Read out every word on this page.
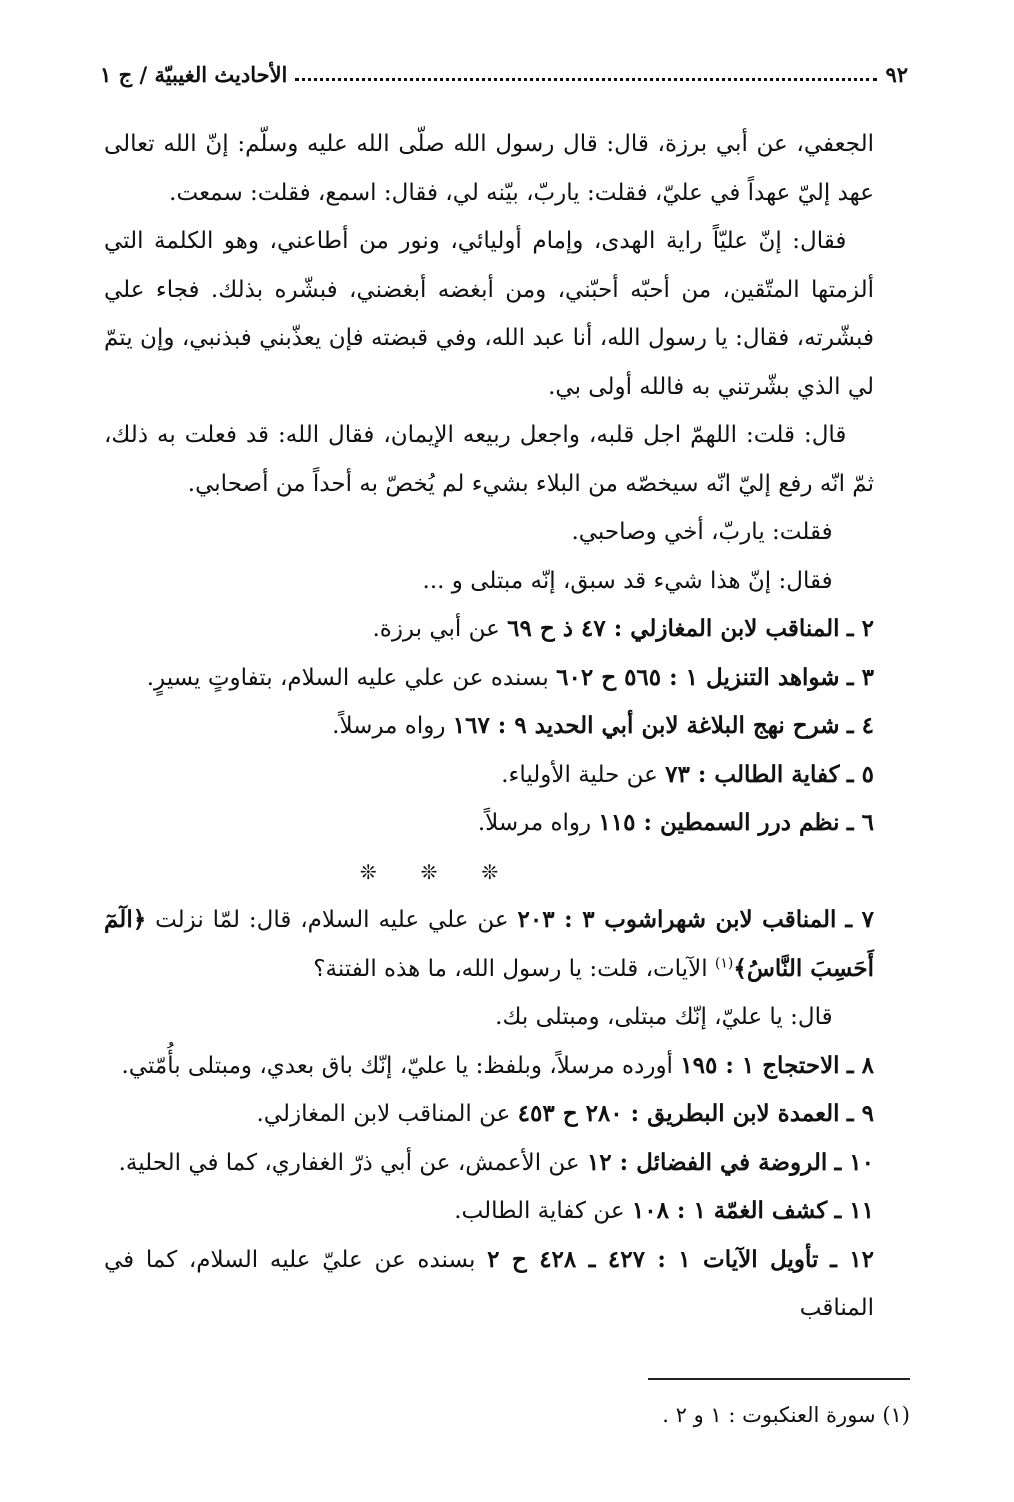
٩٢
الأحاديث الغيبيّة / ج ١

الجعفي، عن أبي برزة، قال: قال رسول الله صلّى الله عليه وسلّم: إنّ الله تعالى عهد إليّ عهداً في عليّ، فقلت: ياربّ، بيّنه لي، فقال: اسمع، فقلت: سمعت.

فقال: إنّ عليّاً راية الهدى، وإمام أوليائي، ونور من أطاعني، وهو الكلمة التي ألزمتها المتّقين، من أحبّه أحبّني، ومن أبغضه أبغضني، فبشّره بذلك. فجاء علي فبشّرته، فقال: يا رسول الله، أنا عبد الله، وفي قبضته فإن يعذّبني فبذنبي، وإن يتمّ لي الذي بشّرتني به فالله أولى بي.

قال: قلت: اللهمّ اجل قلبه، واجعل ربيعه الإيمان، فقال الله: قد فعلت به ذلك، ثمّ انّه رفع إليّ انّه سيخصّه من البلاء بشيء لم يُخصّ به أحداً من أصحابي.

فقلت: ياربّ، أخي وصاحبي.

فقال: إنّ هذا شيء قد سبق، إنّه مبتلى و ...

٢ ـ المناقب لابن المغازلي : ٤٧ ذ ح ٦٩ عن أبي برزة.

٣ ـ شواهد التنزيل ١ : ٥٦٥ ح ٦٠٢ بسنده عن علي عليه السلام، بتفاوتٍ يسيرٍ.

٤ ـ شرح نهج البلاغة لابن أبي الحديد ٩ : ١٦٧ رواه مرسلاً.

٥ ـ كفاية الطالب : ٧٣ عن حلية الأولياء.

٦ ـ نظم درر السمطين : ١١٥ رواه مرسلاً.

❊❊❊

٧ ـ المناقب لابن شهراشوب ٣ : ٢٠٣ عن علي عليه السلام، قال: لمّا نزلت ﴿الٓمٓ أَحَسِبَ النَّاسُ﴾$^{(١)}$ الآيات، قلت: يا رسول الله، ما هذه الفتنة؟

قال: يا عليّ، إنّك مبتلى، ومبتلى بك.

٨ ـ الاحتجاج ١ : ١٩٥ أورده مرسلاً، وبلفظ: يا عليّ، إنّك باق بعدي، ومبتلى بأُمّتي.

٩ ـ العمدة لابن البطريق : ٢٨٠ ح ٤٥٣ عن المناقب لابن المغازلي.

١٠ ـ الروضة في الفضائل : ١٢ عن الأعمش، عن أبي ذرّ الغفاري، كما في الحلية.

١١ ـ كشف الغمّة ١ : ١٠٨ عن كفاية الطالب.

١٢ ـ تأويل الآيات ١ : ٤٢٧ ـ ٤٢٨ ح ٢ بسنده عن عليّ عليه السلام، كما في المناقب

(١) سورة العنكبوت : ١ و ٢ .
